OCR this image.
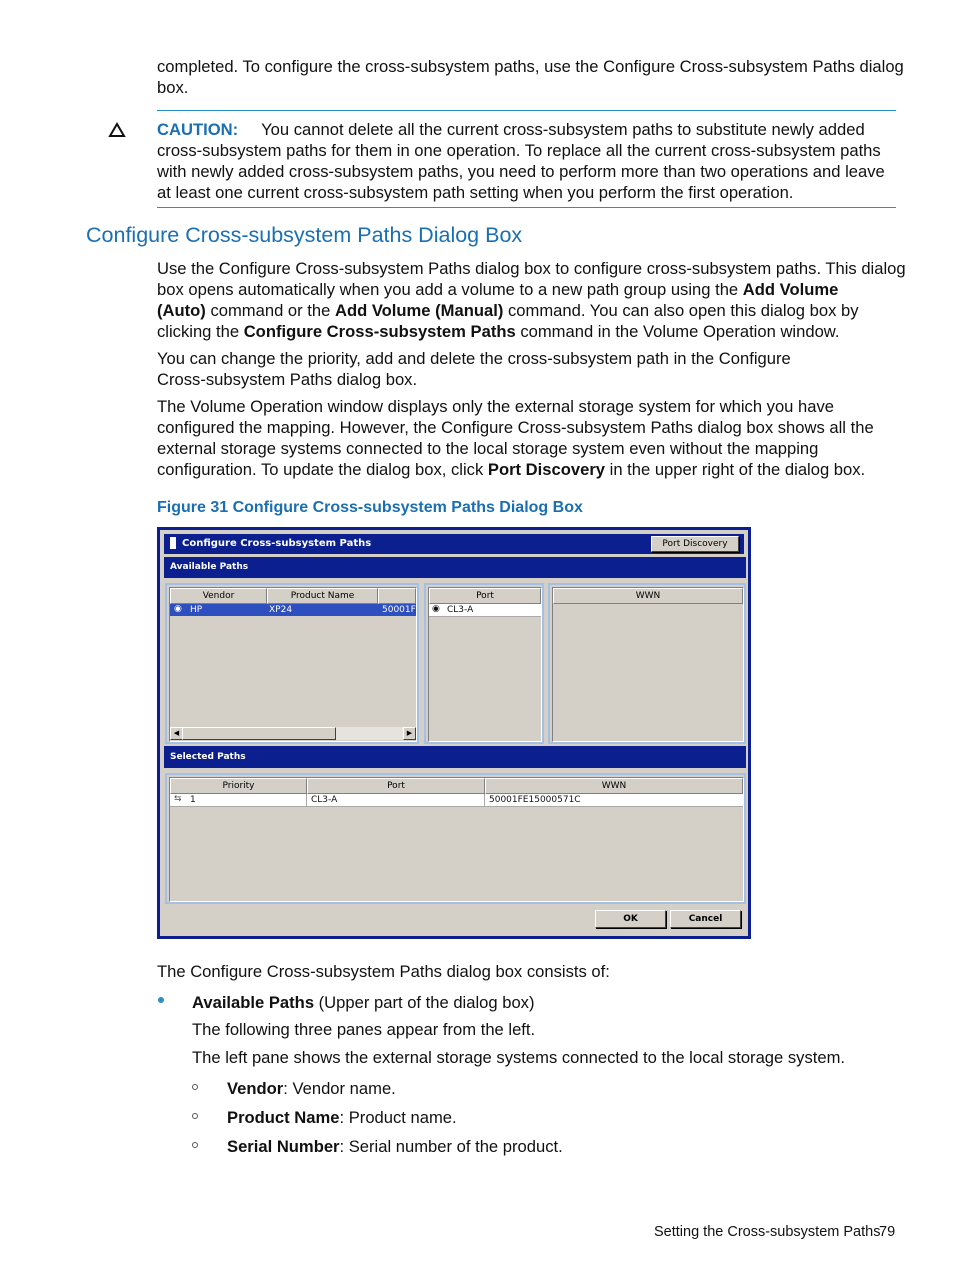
completed. To configure the cross-subsystem paths, use the Configure Cross-subsystem Paths dialog
box.
CAUTION: You cannot delete all the current cross-subsystem paths to substitute newly added
cross-subsystem paths for them in one operation. To replace all the current cross-subsystem paths
with newly added cross-subsystem paths, you need to perform more than two operations and leave
at least one current cross-subsystem path setting when you perform the first operation.
Configure Cross-subsystem Paths Dialog Box
Use the Configure Cross-subsystem Paths dialog box to configure cross-subsystem paths. This dialog
box opens automatically when you add a volume to a new path group using the Add Volume
(Auto) command or the Add Volume (Manual) command. You can also open this dialog box by
clicking the Configure Cross-subsystem Paths command in the Volume Operation window.
You can change the priority, add and delete the cross-subsystem path in the Configure
Cross-subsystem Paths dialog box.
The Volume Operation window displays only the external storage system for which you have
configured the mapping. However, the Configure Cross-subsystem Paths dialog box shows all the
external storage systems connected to the local storage system even without the mapping
configuration. To update the dialog box, click Port Discovery in the upper right of the dialog box.
Figure 31 Configure Cross-subsystem Paths Dialog Box
Configure Cross-subsystem Paths	Port Discovery
Available Paths
Vendor	Product Name
◉ HP	XP24	50001F
◀	▶
Port
◉ CL3-A
WWN
Selected Paths
Priority	Port	WWN
⇆ 1	CL3-A	50001FE15000571C
OK	Cancel
The Configure Cross-subsystem Paths dialog box consists of:
Available Paths (Upper part of the dialog box)
The following three panes appear from the left.
The left pane shows the external storage systems connected to the local storage system.
Vendor: Vendor name.
Product Name: Product name.
Serial Number: Serial number of the product.
Setting the Cross-subsystem Paths
79
